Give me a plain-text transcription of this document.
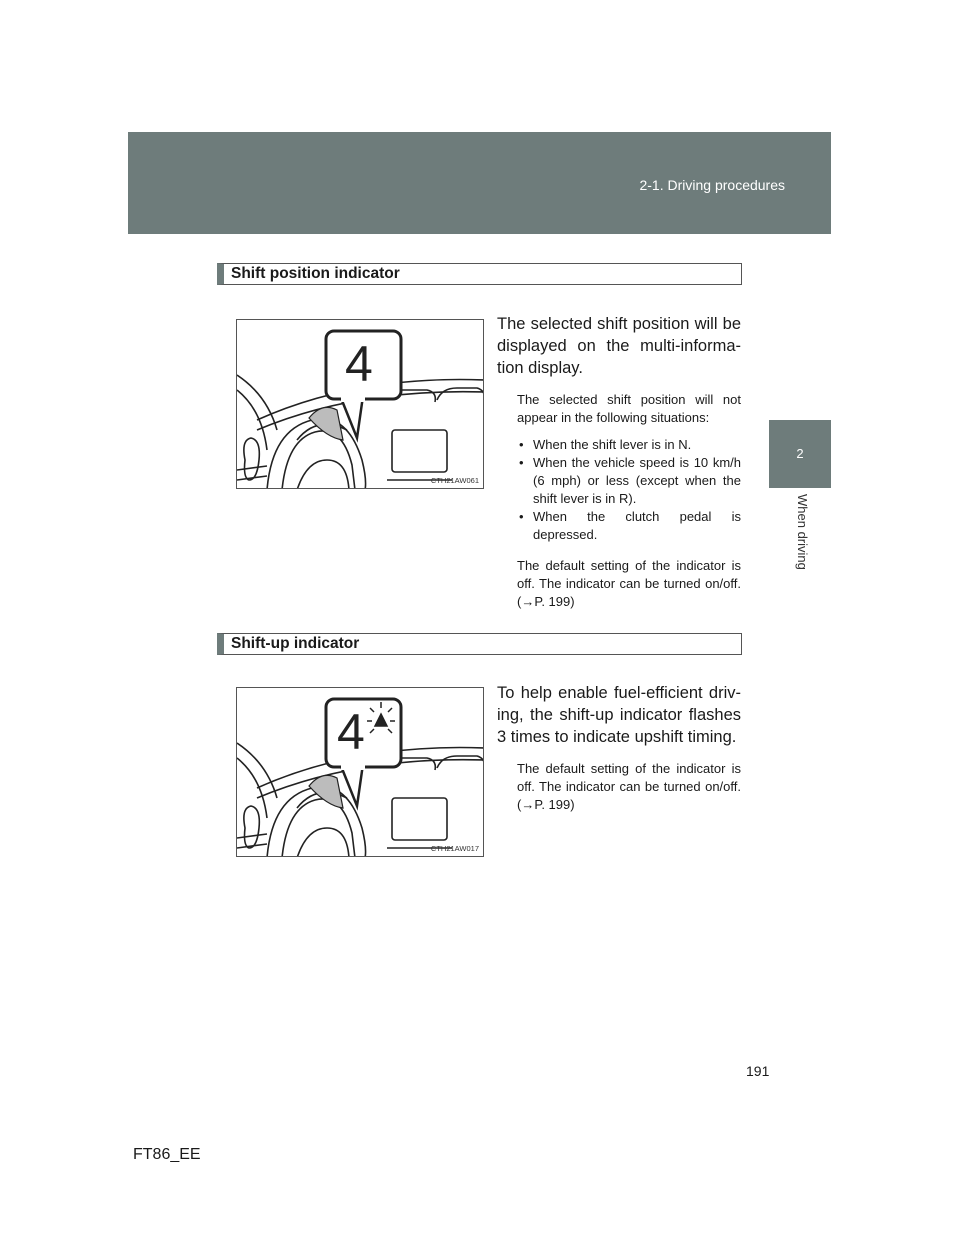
2-1. Driving procedures
2
When driving
Shift position indicator
4
CTH21AW061
The selected shift position will be displayed on the multi-informa-tion display.
The selected shift position will not appear in the following situations:
• When the shift lever is in N.
• When the vehicle speed is 10 km/h (6 mph) or less (except when the shift lever is in R).
• When the clutch pedal is depressed.
The default setting of the indicator is off. The indicator can be turned on/off. (→P. 199)
Shift-up indicator
4
CTH21AW017
To help enable fuel-efficient driv-ing, the shift-up indicator flashes 3 times to indicate upshift timing.
The default setting of the indicator is off. The indicator can be turned on/off. (→P. 199)
191
FT86_EE
